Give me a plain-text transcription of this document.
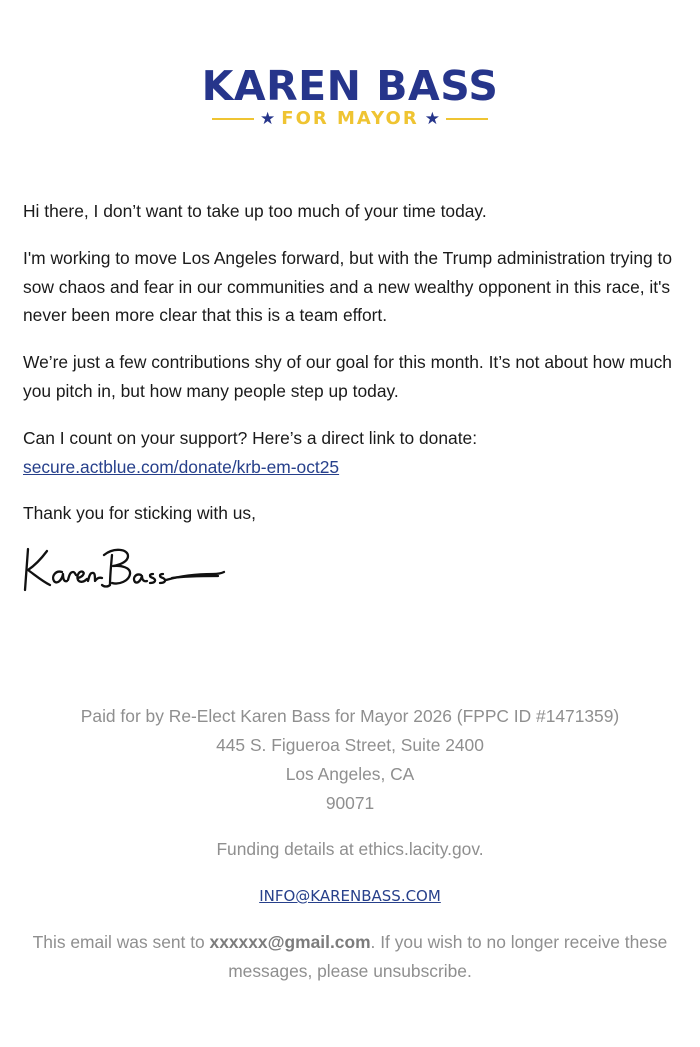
KAREN BASS
★ FOR MAYOR ★

Hi there, I don’t want to take up too much of your time today.

I'm working to move Los Angeles forward, but with the Trump administration trying to sow chaos and fear in our communities and a new wealthy opponent in this race, it's never been more clear that this is a team effort.

We’re just a few contributions shy of our goal for this month. It’s not about how much you pitch in, but how many people step up today.

Can I count on your support? Here’s a direct link to donate:
secure.actblue.com/donate/krb-em-oct25

Thank you for sticking with us,

Paid for by Re-Elect Karen Bass for Mayor 2026 (FPPC ID #1471359)
445 S. Figueroa Street, Suite 2400
Los Angeles, CA
90071
Funding details at ethics.lacity.gov.
INFO@KARENBASS.COM
This email was sent to xxxxxx@gmail.com. If you wish to no longer receive these messages, please unsubscribe.
